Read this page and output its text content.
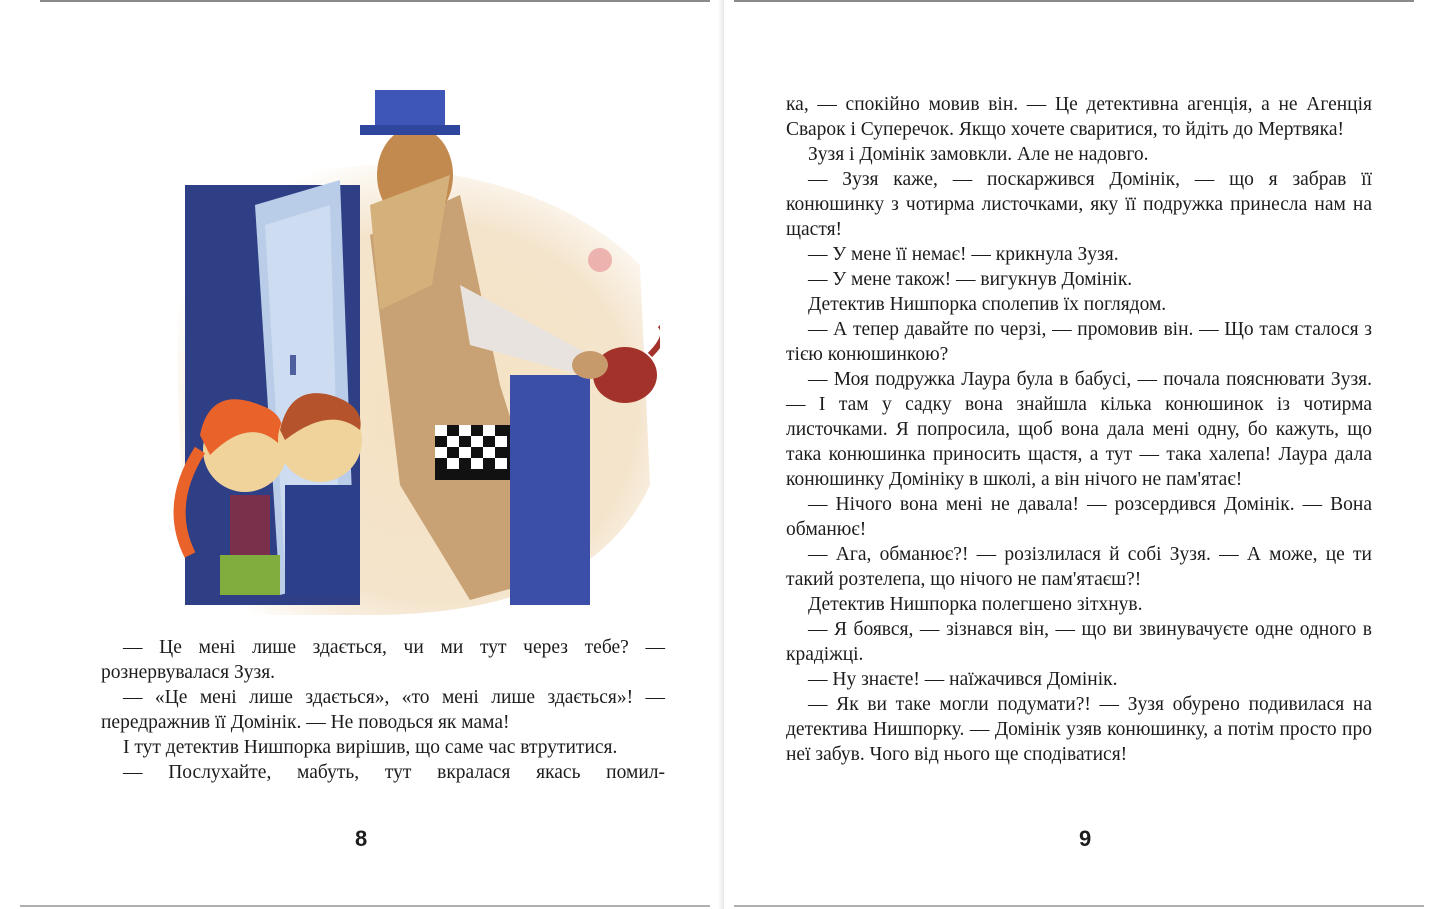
— Це мені лише здається, чи ми тут через тебе? — рознервувалася Зузя.

— «Це мені лише здається», «то мені лише здається»! — передражнив її Домінік. — Не поводься як мама!

І тут детектив Нишпорка вирішив, що саме час втрутитися.

— Послухайте, мабуть, тут вкралася якась помил-

8

ка, — спокійно мовив він. — Це детективна агенція, а не Агенція Сварок і Суперечок. Якщо хочете сваритися, то йдіть до Мертвяка!

Зузя і Домінік замовкли. Але не надовго.

— Зузя каже, — поскаржився Домінік, — що я забрав її конюшинку з чотирма листочками, яку її подружка принесла нам на щастя!

— У мене її немає! — крикнула Зузя.

— У мене також! — вигукнув Домінік.

Детектив Нишпорка сполепив їх поглядом.

— А тепер давайте по черзі, — промовив він. — Що там сталося з тією конюшинкою?

— Моя подружка Лаура була в бабусі, — почала пояснювати Зузя. — І там у садку вона знайшла кілька конюшинок із чотирма листочками. Я попросила, щоб вона дала мені одну, бо кажуть, що така конюшинка приносить щастя, а тут — така халепа! Лаура дала конюшинку Домініку в школі, а він нічого не пам'ятає!

— Нічого вона мені не давала! — розсердився Домінік. — Вона обманює!

— Ага, обманює?! — розізлилася й собі Зузя. — А може, це ти такий розтелепа, що нічого не пам'ятаєш?!

Детектив Нишпорка полегшено зітхнув.

— Я боявся, — зізнався він, — що ви звинувачуєте одне одного в крадіжці.

— Ну знаєте! — наїжачився Домінік.

— Як ви таке могли подумати?! — Зузя обурено подивилася на детектива Нишпорку. — Домінік узяв конюшинку, а потім просто про неї забув. Чого від нього ще сподіватися!

9
